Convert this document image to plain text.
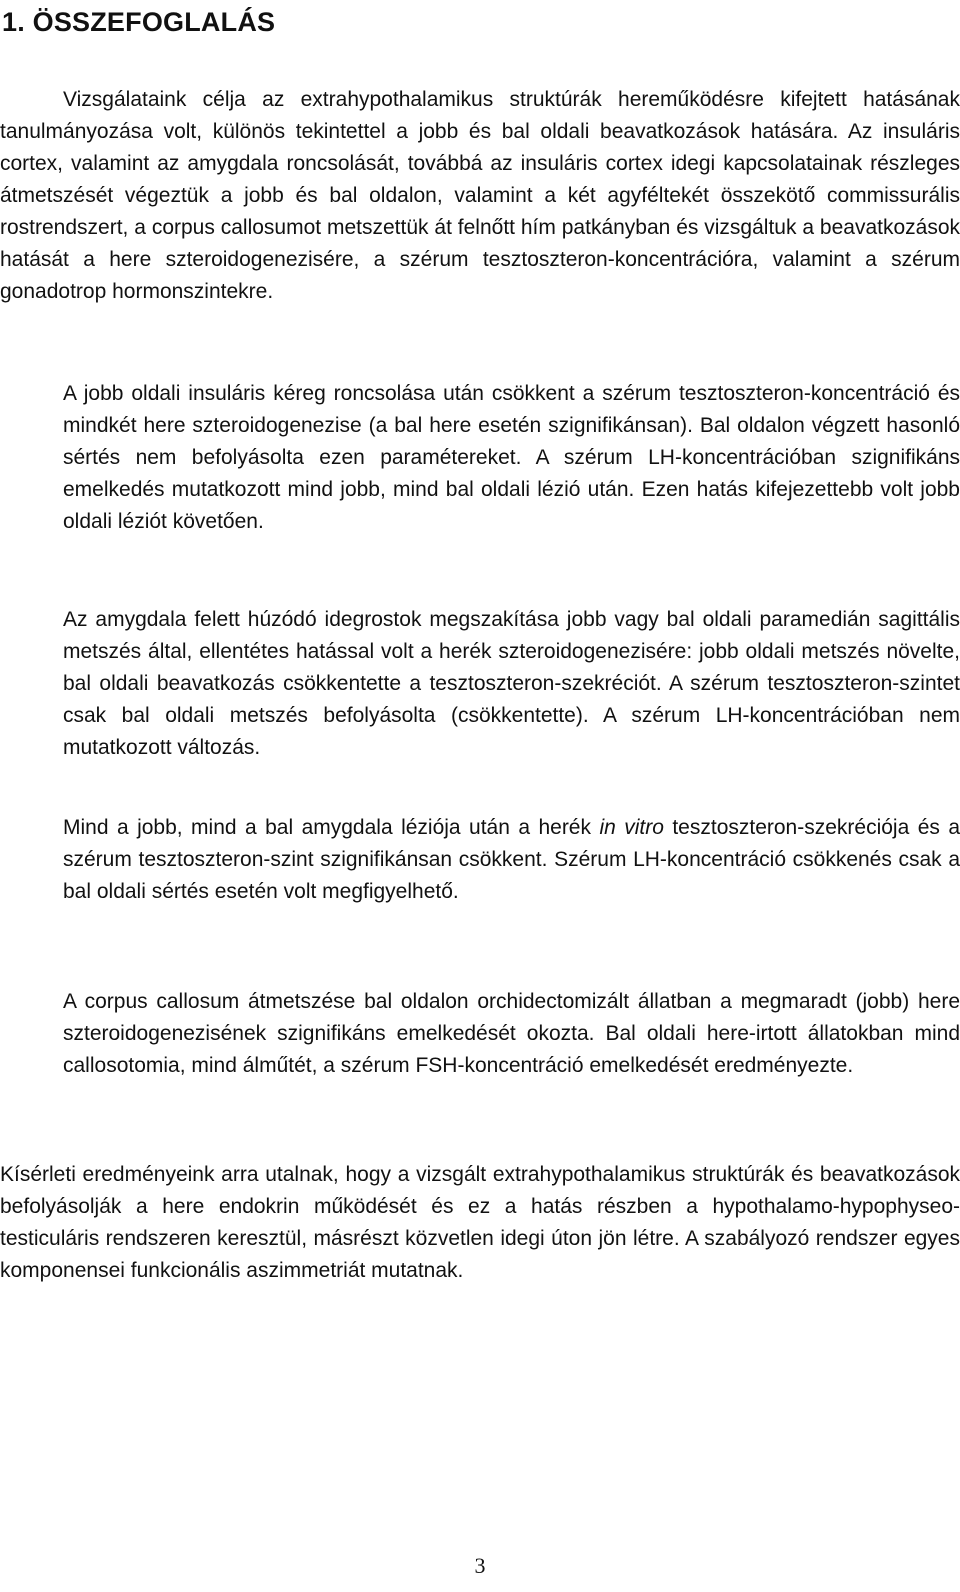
1. ÖSSZEFOGLALÁS

Vizsgálataink célja az extrahypothalamikus struktúrák hereműködésre kifejtett hatásának tanulmányozása volt, különös tekintettel a jobb és bal oldali beavatkozások hatására. Az insuláris cortex, valamint az amygdala roncsolását, továbbá az insuláris cortex idegi kapcsolatainak részleges átmetszését végeztük a jobb és bal oldalon, valamint a két agyféltekét összekötő commissurális rostrendszert, a corpus callosumot metszettük át felnőtt hím patkányban és vizsgáltuk a beavatkozások hatását a here szteroidogenezisére, a szérum tesztoszteron-koncentrációra, valamint a szérum gonadotrop hormonszintekre.

A jobb oldali insuláris kéreg roncsolása után csökkent a szérum tesztoszteron-koncentráció és mindkét here szteroidogenezise (a bal here esetén szignifikánsan). Bal oldalon végzett hasonló sértés nem befolyásolta ezen paramétereket. A szérum LH-koncentrációban szignifikáns emelkedés mutatkozott mind jobb, mind bal oldali lézió után. Ezen hatás kifejezettebb volt jobb oldali léziót követően.

Az amygdala felett húzódó idegrostok megszakítása jobb vagy bal oldali paramedián sagittális metszés által, ellentétes hatással volt a herék szteroidogenezisére: jobb oldali metszés növelte, bal oldali beavatkozás csökkentette a tesztoszteron-szekréciót. A szérum tesztoszteron-szintet csak bal oldali metszés befolyásolta (csökkentette). A szérum LH-koncentrációban nem mutatkozott változás.

Mind a jobb, mind a bal amygdala léziója után a herék in vitro tesztoszteron-szekréciója és a szérum tesztoszteron-szint szignifikánsan csökkent. Szérum LH-koncentráció csökkenés csak a bal oldali sértés esetén volt megfigyelhető.

A corpus callosum átmetszése bal oldalon orchidectomizált állatban a megmaradt (jobb) here szteroidogenezisének szignifikáns emelkedését okozta. Bal oldali here-irtott állatokban mind callosotomia, mind álműtét, a szérum FSH-koncentráció emelkedését eredményezte.

Kísérleti eredményeink arra utalnak, hogy a vizsgált extrahypothalamikus struktúrák és beavatkozások befolyásolják a here endokrin működését és ez a hatás részben a hypothalamo-hypophyseo-testiculáris rendszeren keresztül, másrészt közvetlen idegi úton jön létre. A szabályozó rendszer egyes komponensei funkcionális aszimmetriát mutatnak.

3
